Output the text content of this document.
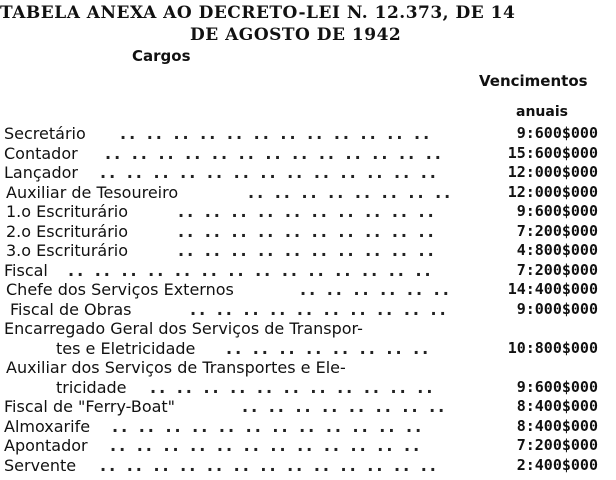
TABELA ANEXA AO DECRETO-LEI N. 12.373, DE 14
DE AGOSTO DE 1942
Cargos
Vencimentos
anuais
Secretário .. .. .. .. .. .. .. .. .. .. .. ..	9:600$000
Contador .. .. .. .. .. .. .. .. .. .. .. .. ..	15:600$000
Lançador .. .. .. .. .. .. .. .. .. .. .. .. ..	12:000$000
Auxiliar de Tesoureiro	.. .. .. .. .. .. .. ..	12:000$000
1.o Escriturário	.. .. .. .. .. .. .. .. .. ..	9:600$000
2.o Escriturário	.. .. .. .. .. .. .. .. .. ..	7:200$000
3.o Escriturário	.. .. .. .. .. .. .. .. .. ..	4:800$000
Fiscal .. .. .. .. .. .. .. .. .. .. .. .. .. ..	7:200$000
Chefe dos Serviços Externos	.. .. .. .. .. ..	14:400$000
Fiscal de Obras	.. .. .. .. .. .. .. .. .. ..	9:000$000
Encarregado Geral dos Serviços de Transpor-
tes e Eletricidade .. .. .. .. .. .. .. ..	10:800$000
Auxiliar dos Serviços de Transportes e Ele-
tricidade .. .. .. .. .. .. .. .. .. .. ..	9:600$000
Fiscal de "Ferry-Boat"	.. .. .. .. .. .. .. ..	8:400$000
Almoxarife .. .. .. .. .. .. .. .. .. .. .. ..	8:400$000
Apontador .. .. .. .. .. .. .. .. .. .. .. ..	7:200$000
Servente .. .. .. .. .. .. .. .. .. .. .. .. ..	2:400$000
